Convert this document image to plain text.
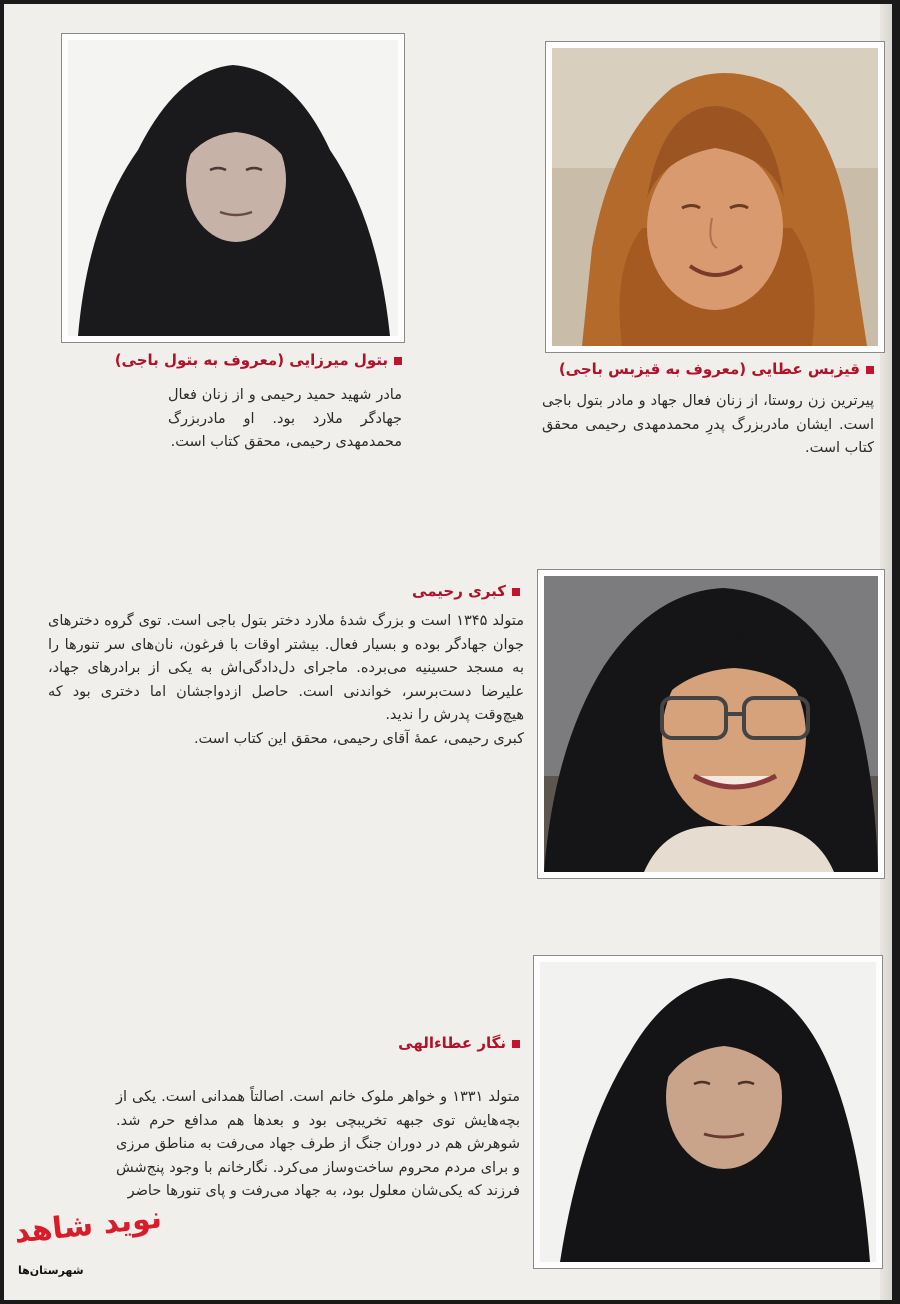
قیزبس عطایی (معروف به قیزبس باجی)

پیرترین زن روستا، از زنان فعال جهاد و مادر بتول باجی است. ایشان مادربزرگ پدرِ محمدمهدی رحیمی محقق کتاب است.

بتول میرزایی (معروف به بتول باجی)

مادر شهید حمید رحیمی و از زنان فعال جهادگر ملارد بود. او مادربزرگ محمدمهدی رحیمی، محقق کتاب است.

کبری رحیمی

متولد ۱۳۴۵ است و بزرگ شدهٔ ملارد دختر بتول باجی است. توی گروه دخترهای جوان جهادگر بوده و بسیار فعال. بیشتر اوقات با فرغون، نان‌های سر تنورها را به مسجد حسینیه می‌برده. ماجرای دل‌دادگی‌اش به یکی از برادرهای جهاد، علیرضا دست‌برسر، خواندنی است. حاصل ازدواجشان اما دختری بود که هیچ‌وقت پدرش را ندید.

کبری رحیمی، عمهٔ آقای رحیمی، محقق این کتاب است.

نگار عطاءالهی

متولد ۱۳۳۱ و خواهر ملوک خانم است. اصالتاً همدانی است. یکی از بچه‌هایش توی جبهه تخریبچی بود و بعدها هم مدافع حرم شد. شوهرش هم در دوران جنگ از طرف جهاد می‌رفت به مناطق مرزی و برای مردم محروم ساخت‌وساز می‌کرد. نگارخانم با وجود پنج‌شش فرزند که یکی‌شان معلول بود، به جهاد می‌رفت و پای تنورها حاضر

نوید شاهد
شهرستان‌ها
